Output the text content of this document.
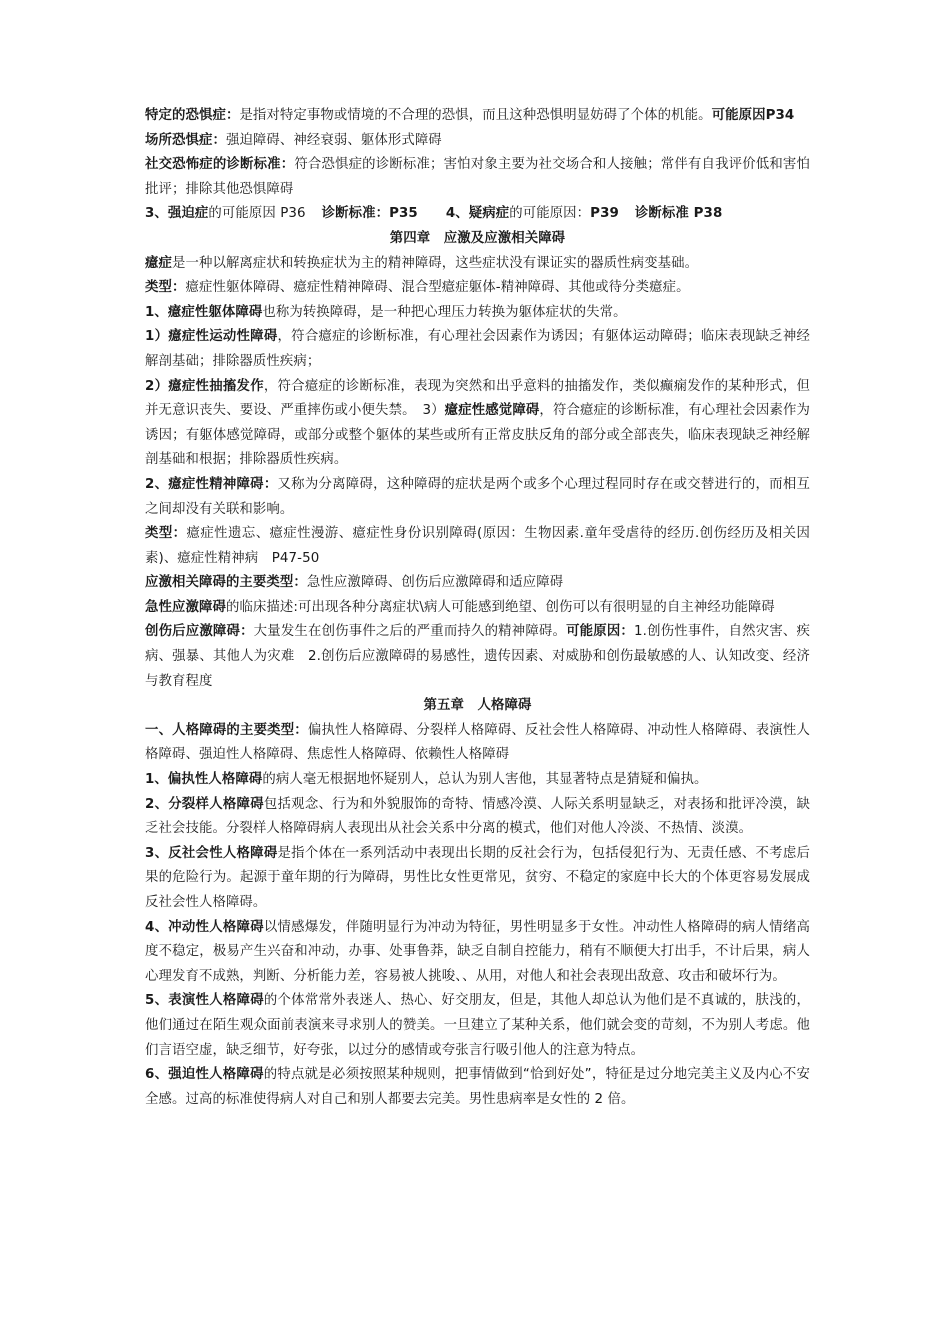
特定的恐惧症：是指对特定事物或情境的不合理的恐惧，而且这种恐惧明显妨碍了个体的机能。可能原因P34

场所恐惧症：强迫障碍、神经衰弱、躯体形式障碍

社交恐怖症的诊断标准：符合恐惧症的诊断标准；害怕对象主要为社交场合和人接触；常伴有自我评价低和害怕批评；排除其他恐惧障碍

3、强迫症的可能原因 P36 诊断标准：P35 4、疑病症的可能原因：P39 诊断标准 P38

第四章　应激及应激相关障碍

癔症是一种以解离症状和转换症状为主的精神障碍，这些症状没有课证实的器质性病变基础。

类型：癔症性躯体障碍、癔症性精神障碍、混合型癔症躯体-精神障碍、其他或待分类癔症。

1、癔症性躯体障碍也称为转换障碍，是一种把心理压力转换为躯体症状的失常。

1）癔症性运动性障碍，符合癔症的诊断标准，有心理社会因素作为诱因；有躯体运动障碍；临床表现缺乏神经解剖基础；排除器质性疾病；

2）癔症性抽搐发作，符合癔症的诊断标准，表现为突然和出乎意料的抽搐发作，类似癫痫发作的某种形式，但并无意识丧失、要设、严重摔伤或小便失禁。　3）癔症性感觉障碍，符合癔症的诊断标准，有心理社会因素作为诱因；有躯体感觉障碍，或部分或整个躯体的某些或所有正常皮肤反角的部分或全部丧失，临床表现缺乏神经解剖基础和根据；排除器质性疾病。

2、癔症性精神障碍：又称为分离障碍，这种障碍的症状是两个或多个心理过程同时存在或交替进行的，而相互之间却没有关联和影响。

类型：癔症性遗忘、癔症性漫游、癔症性身份识别障碍(原因：生物因素.童年受虐待的经历.创伤经历及相关因素)、癔症性精神病　P47-50

应激相关障碍的主要类型：急性应激障碍、创伤后应激障碍和适应障碍

急性应激障碍的临床描述:可出现各种分离症状\病人可能感到绝望、创伤可以有很明显的自主神经功能障碍

创伤后应激障碍：大量发生在创伤事件之后的严重而持久的精神障碍。可能原因：1.创伤性事件，自然灾害、疾病、强暴、其他人为灾难　2.创伤后应激障碍的易感性，遗传因素、对威胁和创伤最敏感的人、认知改变、经济与教育程度

第五章　人格障碍

一、人格障碍的主要类型：偏执性人格障碍、分裂样人格障碍、反社会性人格障碍、冲动性人格障碍、表演性人格障碍、强迫性人格障碍、焦虑性人格障碍、依赖性人格障碍

1、偏执性人格障碍的病人毫无根据地怀疑别人，总认为别人害他，其显著特点是猜疑和偏执。

2、分裂样人格障碍包括观念、行为和外貌服饰的奇特、情感冷漠、人际关系明显缺乏，对表扬和批评冷漠，缺乏社会技能。分裂样人格障碍病人表现出从社会关系中分离的模式，他们对他人冷淡、不热情、淡漠。

3、反社会性人格障碍是指个体在一系列活动中表现出长期的反社会行为，包括侵犯行为、无责任感、不考虑后果的危险行为。起源于童年期的行为障碍，男性比女性更常见，贫穷、不稳定的家庭中长大的个体更容易发展成反社会性人格障碍。

4、冲动性人格障碍以情感爆发，伴随明显行为冲动为特征，男性明显多于女性。冲动性人格障碍的病人情绪高度不稳定，极易产生兴奋和冲动，办事、处事鲁莽，缺乏自制自控能力，稍有不顺便大打出手，不计后果，病人心理发育不成熟，判断、分析能力差，容易被人挑唆、、从用，对他人和社会表现出敌意、攻击和破坏行为。

5、表演性人格障碍的个体常常外表迷人、热心、好交朋友，但是，其他人却总认为他们是不真诚的，肤浅的，他们通过在陌生观众面前表演来寻求别人的赞美。一旦建立了某种关系，他们就会变的苛刻，不为别人考虑。他们言语空虚，缺乏细节，好夸张，以过分的感情或夸张言行吸引他人的注意为特点。

6、强迫性人格障碍的特点就是必须按照某种规则，把事情做到“恰到好处”，特征是过分地完美主义及内心不安全感。过高的标准使得病人对自己和别人都要去完美。男性患病率是女性的 2 倍。
